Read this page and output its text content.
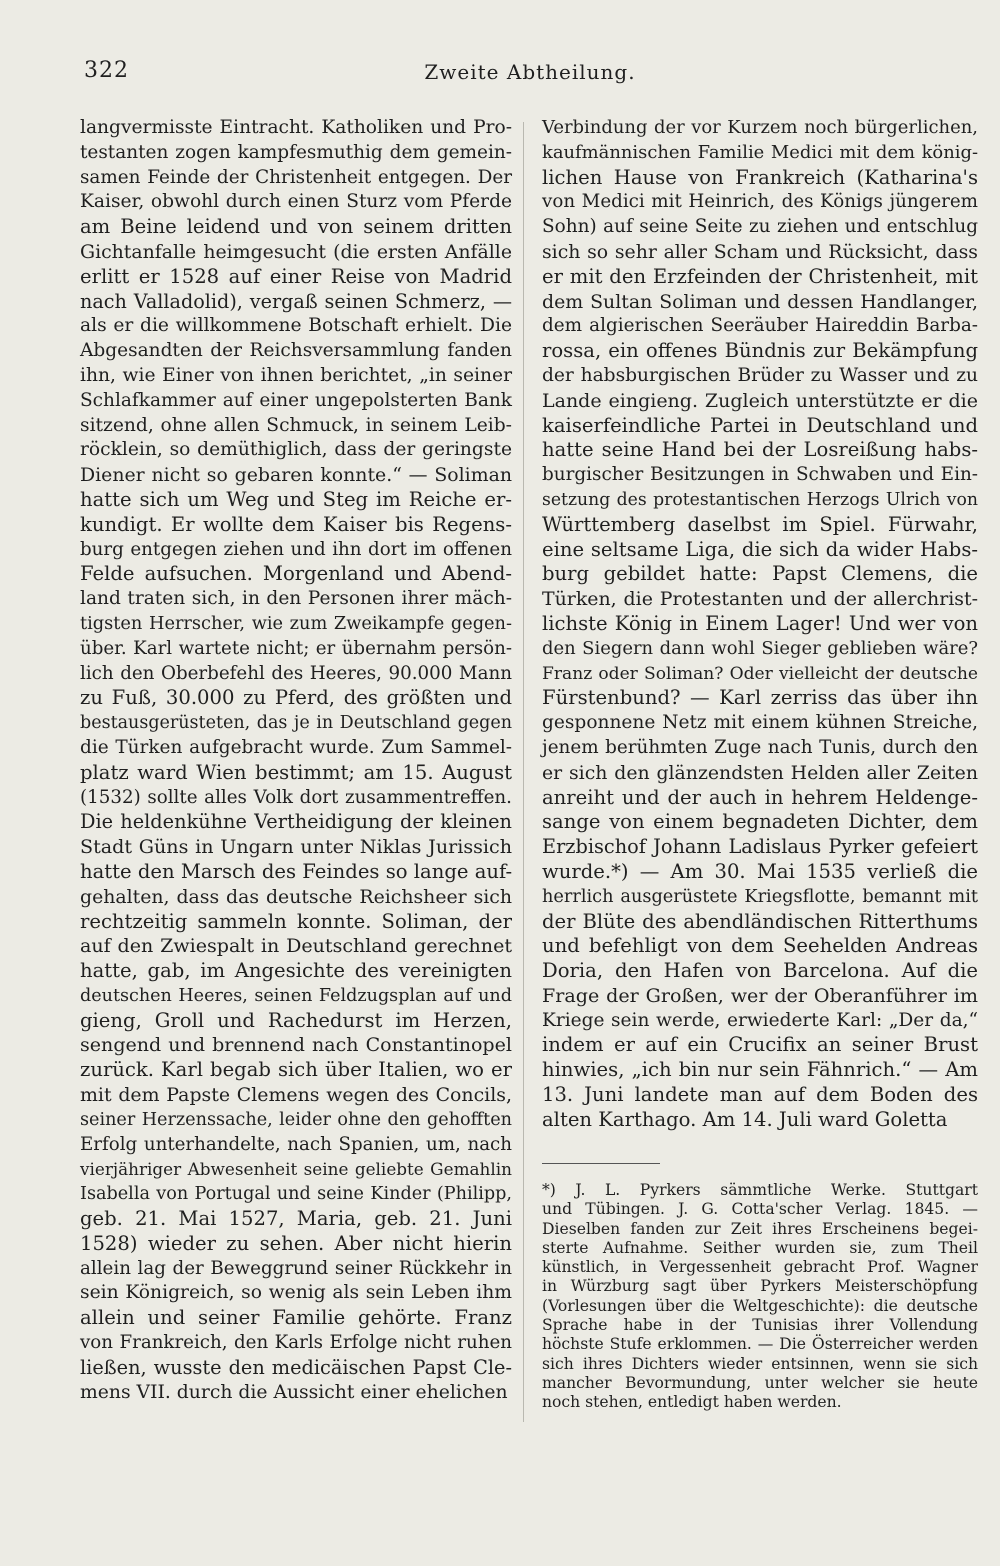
322	Zweite Abtheilung.
langvermisste Eintracht. Katholiken und Pro-
testanten zogen kampfesmuthig dem gemein-
samen Feinde der Christenheit entgegen. Der
Kaiser, obwohl durch einen Sturz vom Pferde
am Beine leidend und von seinem dritten
Gichtanfalle heimgesucht (die ersten Anfälle
erlitt er 1528 auf einer Reise von Madrid
nach Valladolid), vergaß seinen Schmerz, —
als er die willkommene Botschaft erhielt. Die
Abgesandten der Reichsversammlung fanden
ihn, wie Einer von ihnen berichtet, „in seiner
Schlafkammer auf einer ungepolsterten Bank
sitzend, ohne allen Schmuck, in seinem Leib-
röcklein, so demüthiglich, dass der geringste
Diener nicht so gebaren konnte.“ — Soliman
hatte sich um Weg und Steg im Reiche er-
kundigt. Er wollte dem Kaiser bis Regens-
burg entgegen ziehen und ihn dort im offenen
Felde aufsuchen. Morgenland und Abend-
land traten sich, in den Personen ihrer mäch-
tigsten Herrscher, wie zum Zweikampfe gegen-
über. Karl wartete nicht; er übernahm persön-
lich den Oberbefehl des Heeres, 90.000 Mann
zu Fuß, 30.000 zu Pferd, des größten und
bestausgerüsteten, das je in Deutschland gegen
die Türken aufgebracht wurde. Zum Sammel-
platz ward Wien bestimmt; am 15. August
(1532) sollte alles Volk dort zusammentreffen.
Die heldenkühne Vertheidigung der kleinen
Stadt Güns in Ungarn unter Niklas Jurissich
hatte den Marsch des Feindes so lange auf-
gehalten, dass das deutsche Reichsheer sich
rechtzeitig sammeln konnte. Soliman, der
auf den Zwiespalt in Deutschland gerechnet
hatte, gab, im Angesichte des vereinigten
deutschen Heeres, seinen Feldzugsplan auf und
gieng, Groll und Rachedurst im Herzen,
sengend und brennend nach Constantinopel
zurück. Karl begab sich über Italien, wo er
mit dem Papste Clemens wegen des Concils,
seiner Herzenssache, leider ohne den gehofften
Erfolg unterhandelte, nach Spanien, um, nach
vierjähriger Abwesenheit seine geliebte Gemahlin
Isabella von Portugal und seine Kinder (Philipp,
geb. 21. Mai 1527, Maria, geb. 21. Juni
1528) wieder zu sehen. Aber nicht hierin
allein lag der Beweggrund seiner Rückkehr in
sein Königreich, so wenig als sein Leben ihm
allein und seiner Familie gehörte. Franz
von Frankreich, den Karls Erfolge nicht ruhen
ließen, wusste den medicäischen Papst Cle-
mens VII. durch die Aussicht einer ehelichen
Verbindung der vor Kurzem noch bürgerlichen,
kaufmännischen Familie Medici mit dem könig-
lichen Hause von Frankreich (Katharina's
von Medici mit Heinrich, des Königs jüngerem
Sohn) auf seine Seite zu ziehen und entschlug
sich so sehr aller Scham und Rücksicht, dass
er mit den Erzfeinden der Christenheit, mit
dem Sultan Soliman und dessen Handlanger,
dem algierischen Seeräuber Haireddin Barba-
rossa, ein offenes Bündnis zur Bekämpfung
der habsburgischen Brüder zu Wasser und zu
Lande eingieng. Zugleich unterstützte er die
kaiserfeindliche Partei in Deutschland und
hatte seine Hand bei der Losreißung habs-
burgischer Besitzungen in Schwaben und Ein-
setzung des protestantischen Herzogs Ulrich von
Württemberg daselbst im Spiel. Fürwahr,
eine seltsame Liga, die sich da wider Habs-
burg gebildet hatte: Papst Clemens, die
Türken, die Protestanten und der allerchrist-
lichste König in Einem Lager! Und wer von
den Siegern dann wohl Sieger geblieben wäre?
Franz oder Soliman? Oder vielleicht der deutsche
Fürstenbund? — Karl zerriss das über ihn
gesponnene Netz mit einem kühnen Streiche,
jenem berühmten Zuge nach Tunis, durch den
er sich den glänzendsten Helden aller Zeiten
anreiht und der auch in hehrem Heldenge-
sange von einem begnadeten Dichter, dem
Erzbischof Johann Ladislaus Pyrker gefeiert
wurde.*) — Am 30. Mai 1535 verließ die
herrlich ausgerüstete Kriegsflotte, bemannt mit
der Blüte des abendländischen Ritterthums
und befehligt von dem Seehelden Andreas
Doria, den Hafen von Barcelona. Auf die
Frage der Großen, wer der Oberanführer im
Kriege sein werde, erwiederte Karl: „Der da,“
indem er auf ein Crucifix an seiner Brust
hinwies, „ich bin nur sein Fähnrich.“ — Am
13. Juni landete man auf dem Boden des
alten Karthago. Am 14. Juli ward Goletta
*) J. L. Pyrkers sämmtliche Werke. Stuttgart
und Tübingen. J. G. Cotta'scher Verlag. 1845. —
Dieselben fanden zur Zeit ihres Erscheinens begei-
sterte Aufnahme. Seither wurden sie, zum Theil
künstlich, in Vergessenheit gebracht Prof. Wagner
in Würzburg sagt über Pyrkers Meisterschöpfung
(Vorlesungen über die Weltgeschichte): die deutsche
Sprache habe in der Tunisias ihrer Vollendung
höchste Stufe erklommen. — Die Österreicher werden
sich ihres Dichters wieder entsinnen, wenn sie sich
mancher Bevormundung, unter welcher sie heute
noch stehen, entledigt haben werden.
